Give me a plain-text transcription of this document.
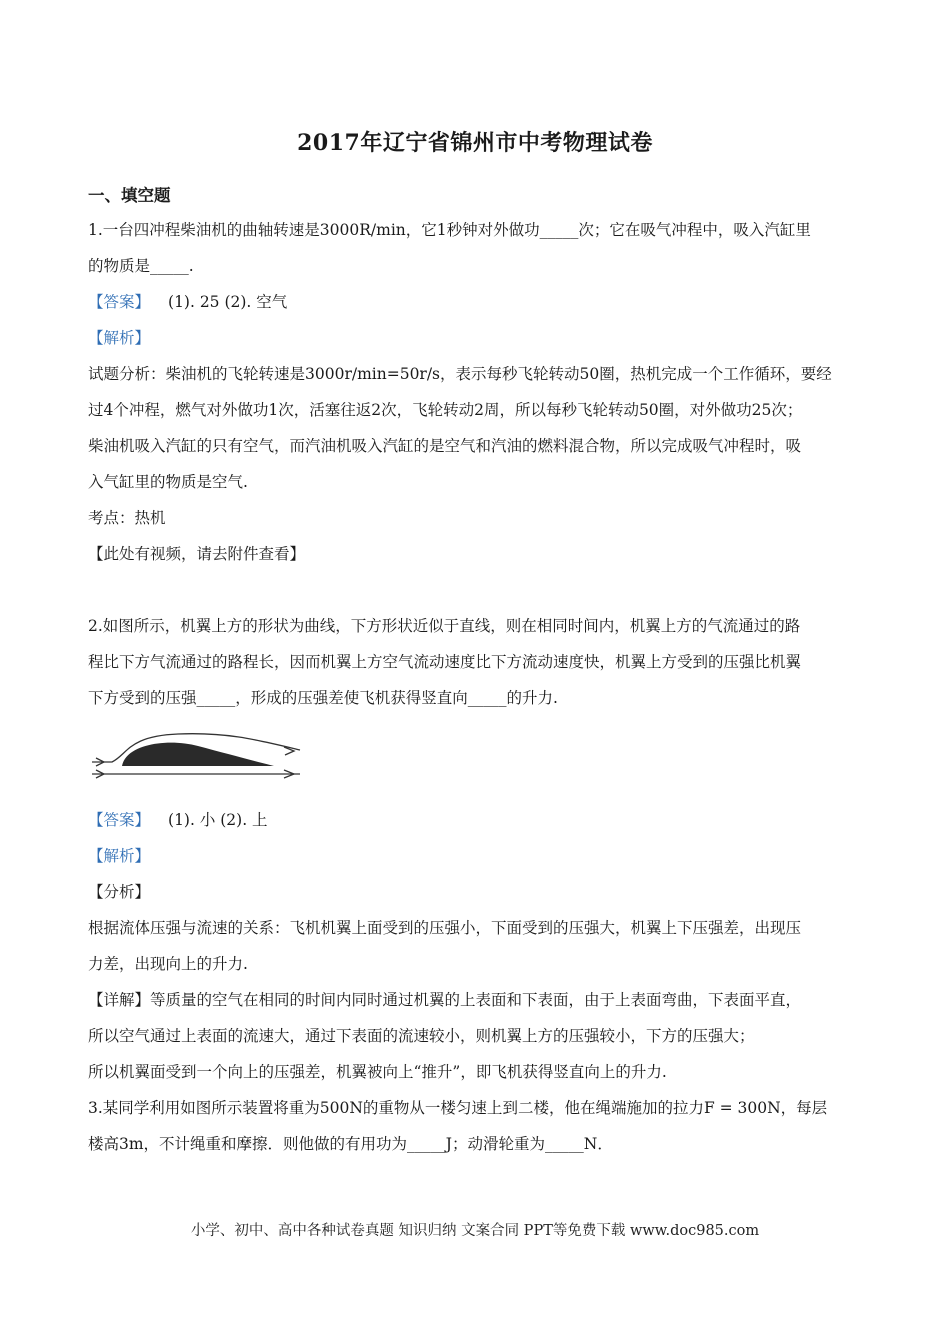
2017年辽宁省锦州市中考物理试卷
一、填空题
1.一台四冲程柴油机的曲轴转速是3000R/min，它1秒钟对外做功_____次；它在吸气冲程中，吸入汽缸里
的物质是_____.
【答案】 (1). 25 (2). 空气
【解析】
试题分析：柴油机的飞轮转速是3000r/min=50r/s，表示每秒飞轮转动50圈，热机完成一个工作循环，要经
过4个冲程，燃气对外做功1次，活塞往返2次，飞轮转动2周，所以每秒飞轮转动50圈，对外做功25次；
柴油机吸入汽缸的只有空气，而汽油机吸入汽缸的是空气和汽油的燃料混合物，所以完成吸气冲程时，吸
入气缸里的物质是空气.
考点：热机
【此处有视频，请去附件查看】
2.如图所示，机翼上方的形状为曲线，下方形状近似于直线，则在相同时间内，机翼上方的气流通过的路
程比下方气流通过的路程长，因而机翼上方空气流动速度比下方流动速度快，机翼上方受到的压强比机翼
下方受到的压强_____，形成的压强差使飞机获得竖直向_____的升力.
【答案】 (1). 小 (2). 上
【解析】
【分析】
根据流体压强与流速的关系：飞机机翼上面受到的压强小，下面受到的压强大，机翼上下压强差，出现压
力差，出现向上的升力.
【详解】等质量的空气在相同的时间内同时通过机翼的上表面和下表面，由于上表面弯曲，下表面平直，
所以空气通过上表面的流速大，通过下表面的流速较小，则机翼上方的压强较小，下方的压强大；
所以机翼面受到一个向上的压强差，机翼被向上“推升”，即飞机获得竖直向上的升力.
3.某同学利用如图所示装置将重为500N的重物从一楼匀速上到二楼，他在绳端施加的拉力F = 300N，每层
楼高3m，不计绳重和摩擦．则他做的有用功为_____J；动滑轮重为_____N．
小学、初中、高中各种试卷真题 知识归纳 文案合同 PPT等免费下载 www.doc985.com
